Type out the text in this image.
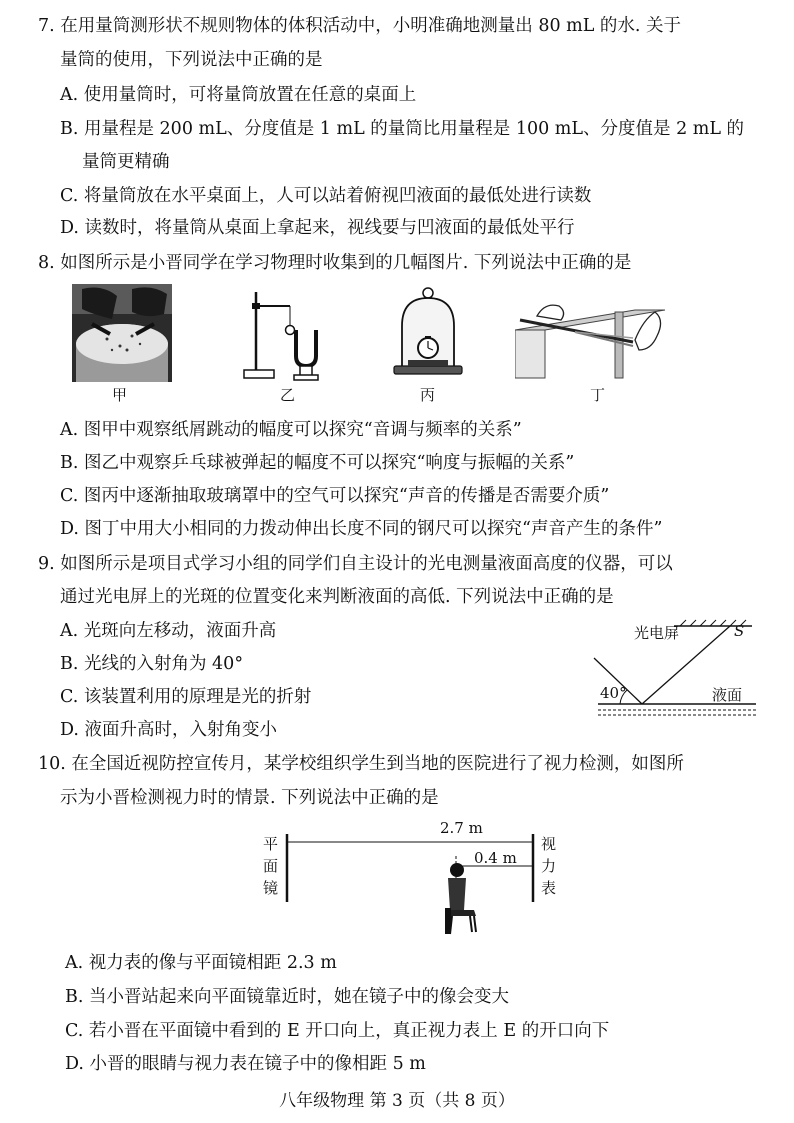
7. 在用量筒测形状不规则物体的体积活动中，小明准确地测量出 80 mL 的水. 关于
量筒的使用，下列说法中正确的是
A. 使用量筒时，可将量筒放置在任意的桌面上
B. 用量程是 200 mL、分度值是 1 mL 的量筒比用量程是 100 mL、分度值是 2 mL 的
量筒更精确
C. 将量筒放在水平桌面上，人可以站着俯视凹液面的最低处进行读数
D. 读数时，将量筒从桌面上拿起来，视线要与凹液面的最低处平行
8. 如图所示是小晋同学在学习物理时收集到的几幅图片. 下列说法中正确的是
甲	乙	丙	丁
A. 图甲中观察纸屑跳动的幅度可以探究“音调与频率的关系”
B. 图乙中观察乒乓球被弹起的幅度不可以探究“响度与振幅的关系”
C. 图丙中逐渐抽取玻璃罩中的空气可以探究“声音的传播是否需要介质”
D. 图丁中用大小相同的力拨动伸出长度不同的钢尺可以探究“声音产生的条件”
9. 如图所示是项目式学习小组的同学们自主设计的光电测量液面高度的仪器，可以
通过光电屏上的光斑的位置变化来判断液面的高低. 下列说法中正确的是
A. 光斑向左移动，液面升高
B. 光线的入射角为 40°
C. 该装置利用的原理是光的折射
D. 液面升高时，入射角变小
光电屏	S
40°	液面
10. 在全国近视防控宣传月，某学校组织学生到当地的医院进行了视力检测，如图所
示为小晋检测视力时的情景. 下列说法中正确的是
平
面
镜
视
力
表
2.7 m
0.4 m
A. 视力表的像与平面镜相距 2.3 m
B. 当小晋站起来向平面镜靠近时，她在镜子中的像会变大
C. 若小晋在平面镜中看到的 E 开口向上，真正视力表上 E 的开口向下
D. 小晋的眼睛与视力表在镜子中的像相距 5 m
八年级物理 第 3 页（共 8 页）
